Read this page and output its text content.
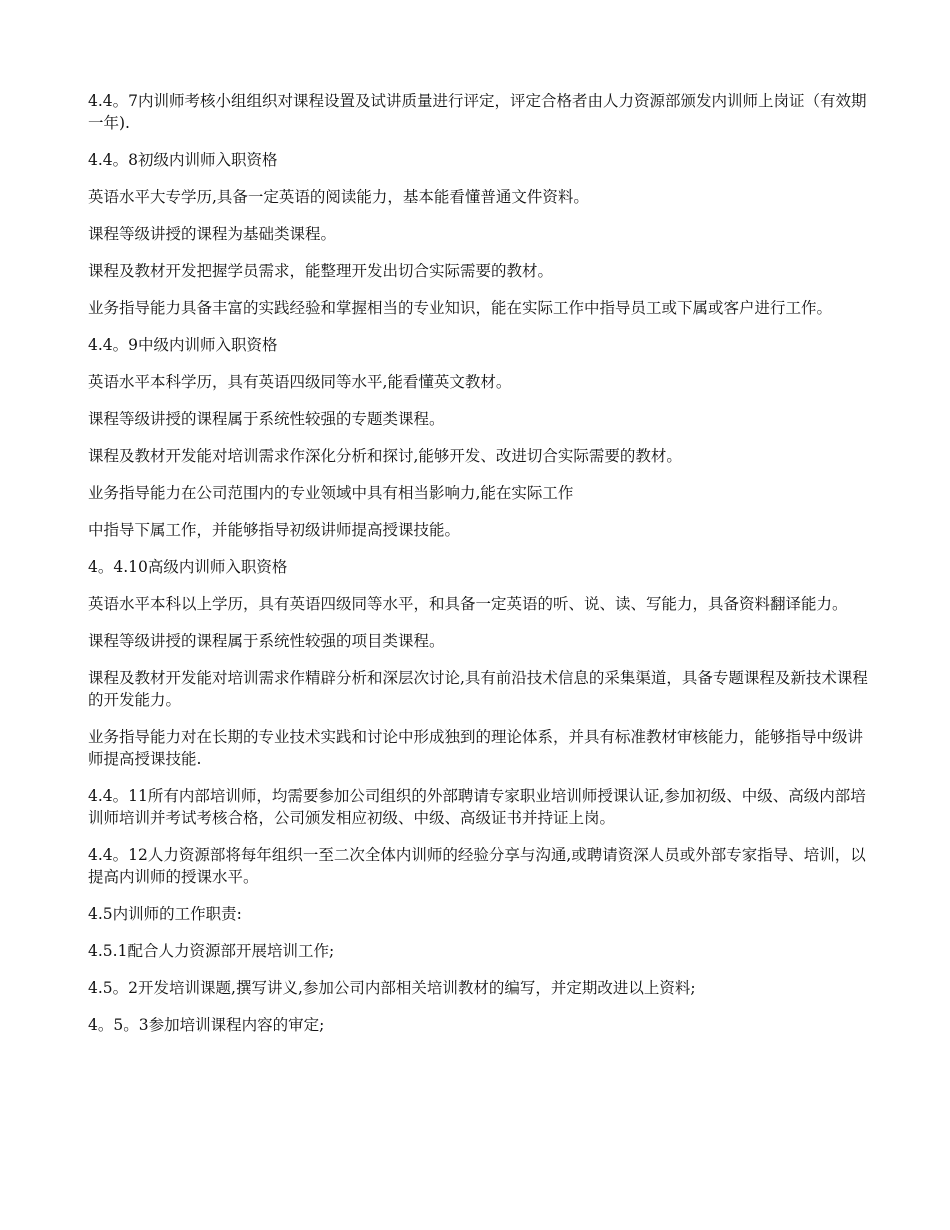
4.4。7内训师考核小组组织对课程设置及试讲质量进行评定，评定合格者由人力资源部颁发内训师上岗证（有效期一年).

4.4。8初级内训师入职资格

英语水平大专学历,具备一定英语的阅读能力，基本能看懂普通文件资料。

课程等级讲授的课程为基础类课程。

课程及教材开发把握学员需求，能整理开发出切合实际需要的教材。

业务指导能力具备丰富的实践经验和掌握相当的专业知识，能在实际工作中指导员工或下属或客户进行工作。

4.4。9中级内训师入职资格

英语水平本科学历，具有英语四级同等水平,能看懂英文教材。

课程等级讲授的课程属于系统性较强的专题类课程。

课程及教材开发能对培训需求作深化分析和探讨,能够开发、改进切合实际需要的教材。

业务指导能力在公司范围内的专业领域中具有相当影响力,能在实际工作

中指导下属工作，并能够指导初级讲师提高授课技能。

4。4.10高级内训师入职资格

英语水平本科以上学历，具有英语四级同等水平，和具备一定英语的听、说、读、写能力，具备资料翻译能力。

课程等级讲授的课程属于系统性较强的项目类课程。

课程及教材开发能对培训需求作精辟分析和深层次讨论,具有前沿技术信息的采集渠道，具备专题课程及新技术课程的开发能力。

业务指导能力对在长期的专业技术实践和讨论中形成独到的理论体系，并具有标准教材审核能力，能够指导中级讲师提高授课技能.

4.4。11所有内部培训师，均需要参加公司组织的外部聘请专家职业培训师授课认证,参加初级、中级、高级内部培训师培训并考试考核合格，公司颁发相应初级、中级、高级证书并持证上岗。

4.4。12人力资源部将每年组织一至二次全体内训师的经验分享与沟通,或聘请资深人员或外部专家指导、培训，以提高内训师的授课水平。

4.5内训师的工作职责:

4.5.1配合人力资源部开展培训工作;

4.5。2开发培训课题,撰写讲义,参加公司内部相关培训教材的编写，并定期改进以上资料;

4。5。3参加培训课程内容的审定;
